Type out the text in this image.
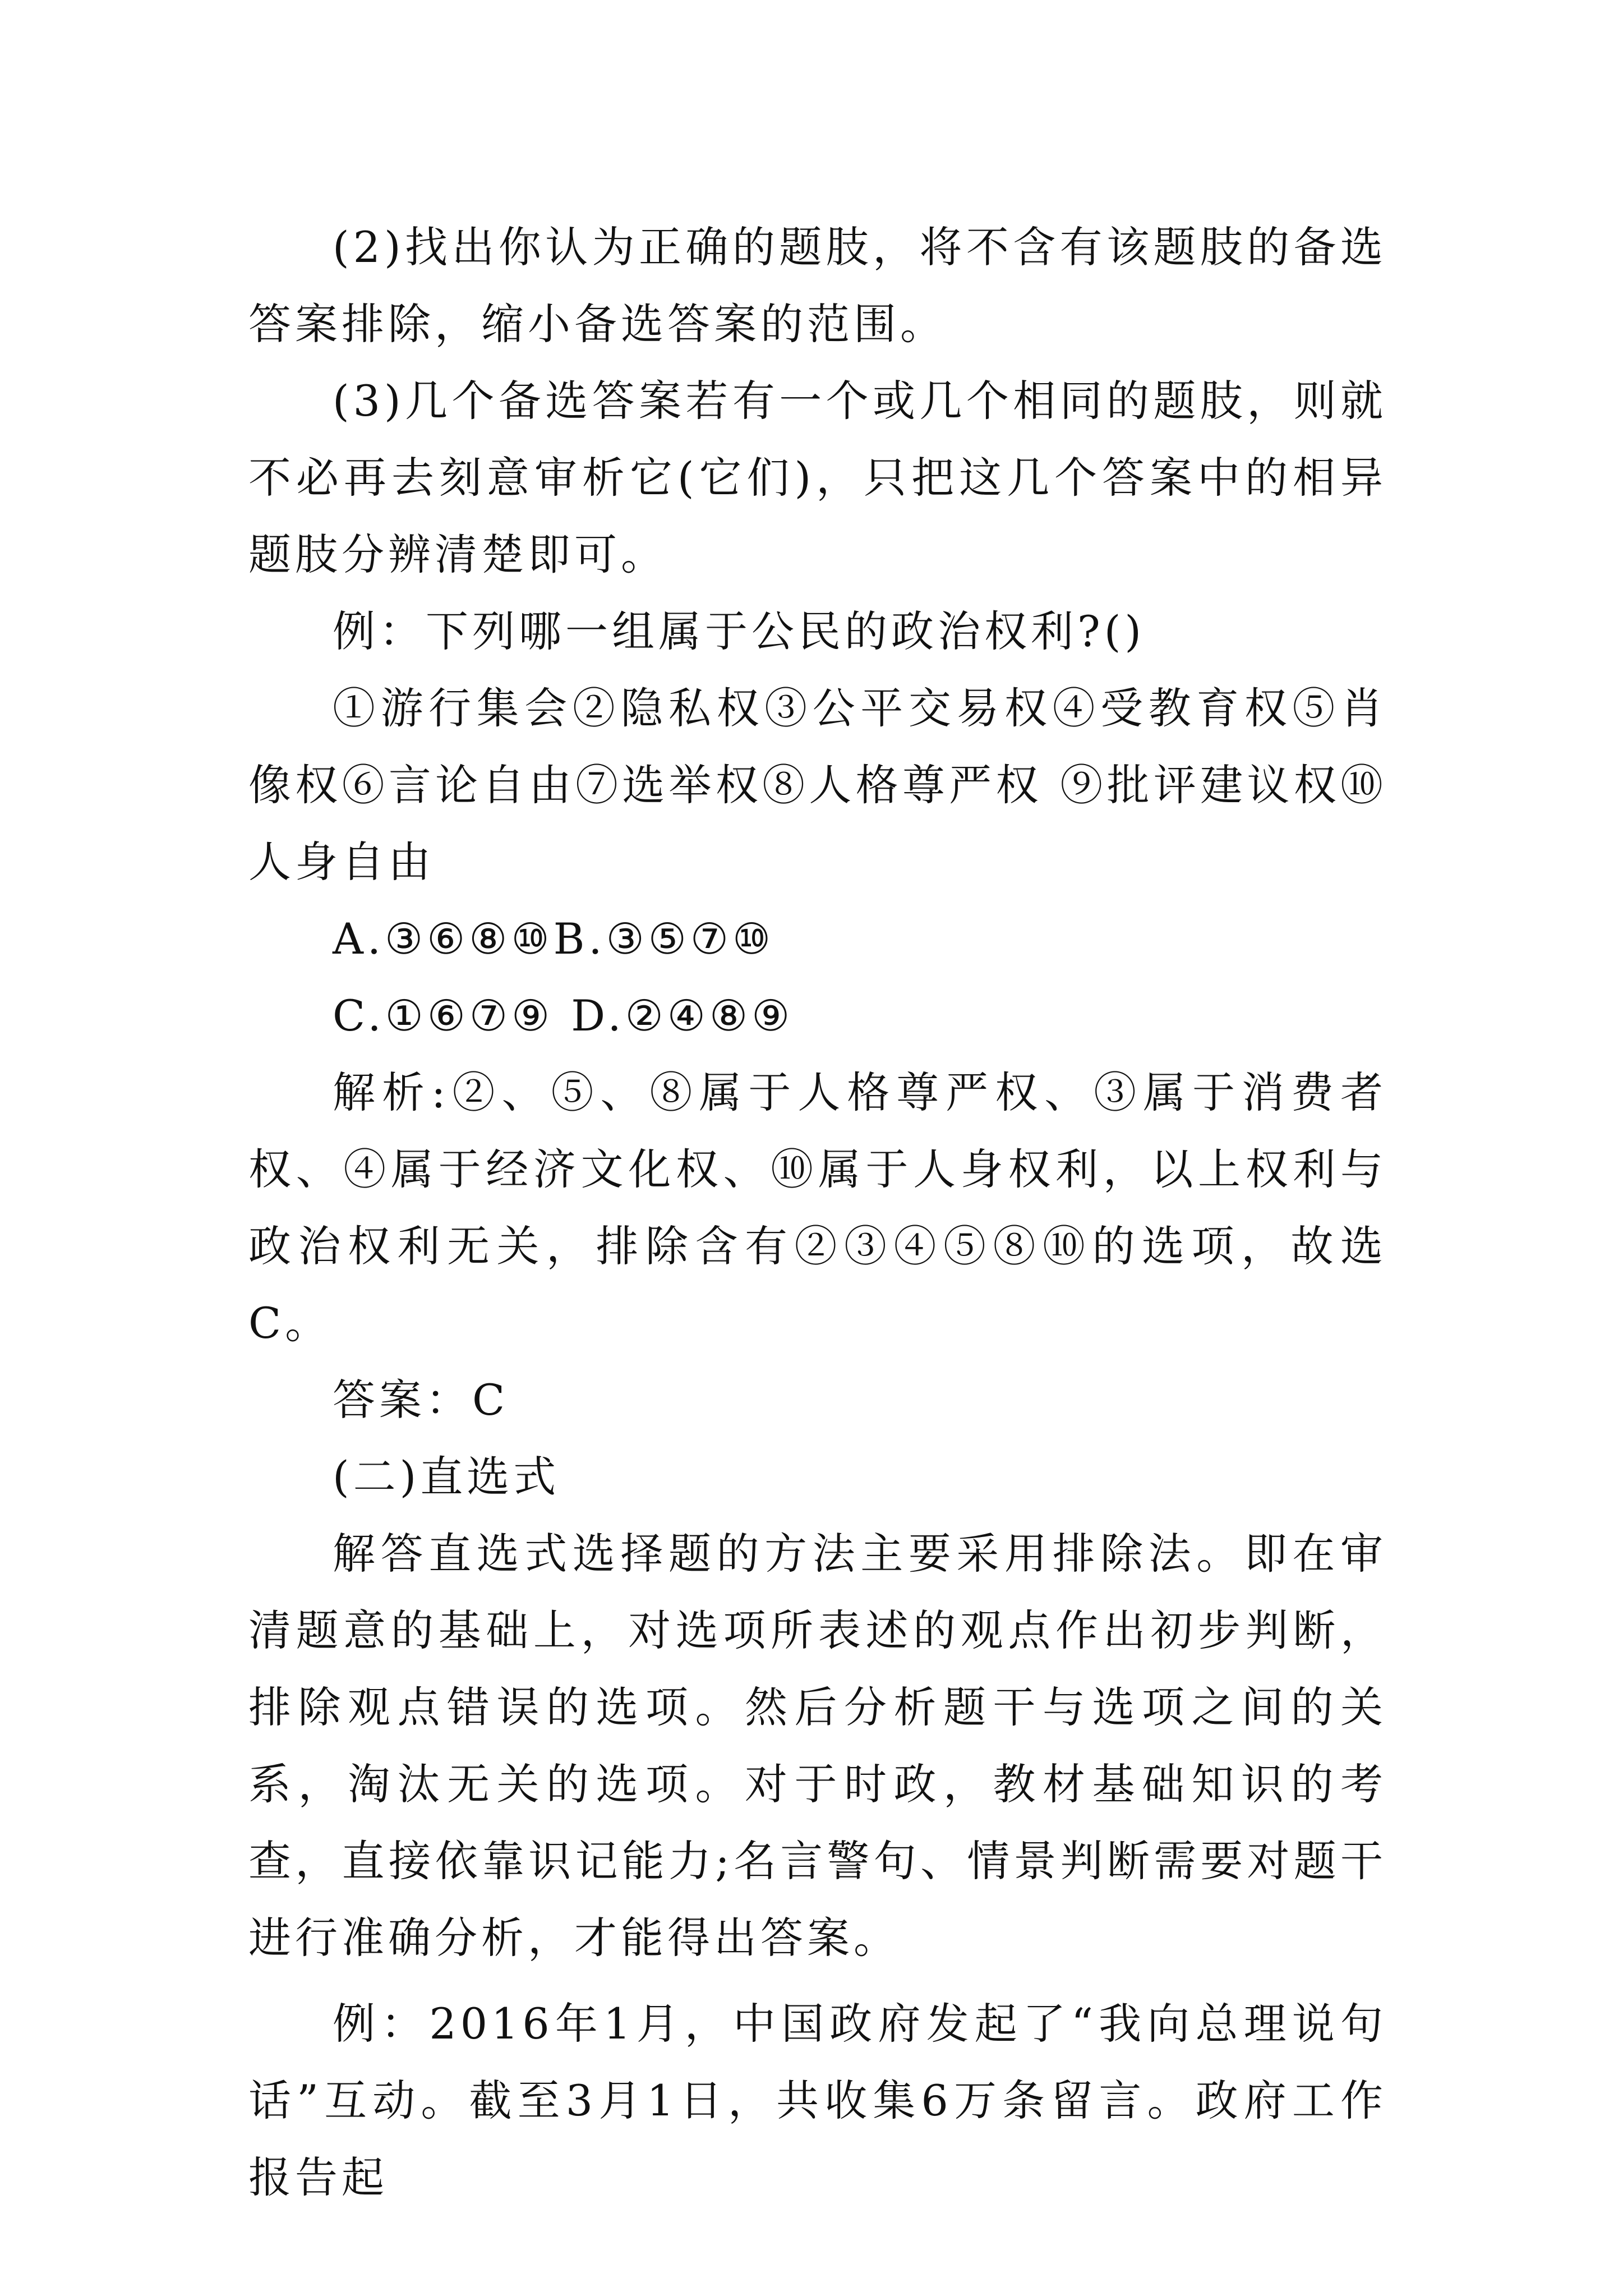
(2)找出你认为正确的题肢，将不含有该题肢的备选答案排除，缩小备选答案的范围。

(3)几个备选答案若有一个或几个相同的题肢，则就不必再去刻意审析它(它们)，只把这几个答案中的相异题肢分辨清楚即可。

例：下列哪一组属于公民的政治权利?()

①游行集会②隐私权③公平交易权④受教育权⑤肖像权⑥言论自由⑦选举权⑧人格尊严权 ⑨批评建议权⑩人身自由

A.③⑥⑧⑩B.③⑤⑦⑩

C.①⑥⑦⑨ D.②④⑧⑨

解析:②、⑤、⑧属于人格尊严权、③属于消费者权、④属于经济文化权、⑩属于人身权利，以上权利与政治权利无关，排除含有②③④⑤⑧⑩的选项，故选C。

答案：C

(二)直选式

解答直选式选择题的方法主要采用排除法。即在审清题意的基础上，对选项所表述的观点作出初步判断，排除观点错误的选项。然后分析题干与选项之间的关系，淘汰无关的选项。对于时政，教材基础知识的考查，直接依靠识记能力;名言警句、情景判断需要对题干进行准确分析，才能得出答案。

例：2016年1月，中国政府发起了“我向总理说句话”互动。截至3月1日，共收集6万条留言。政府工作报告起
